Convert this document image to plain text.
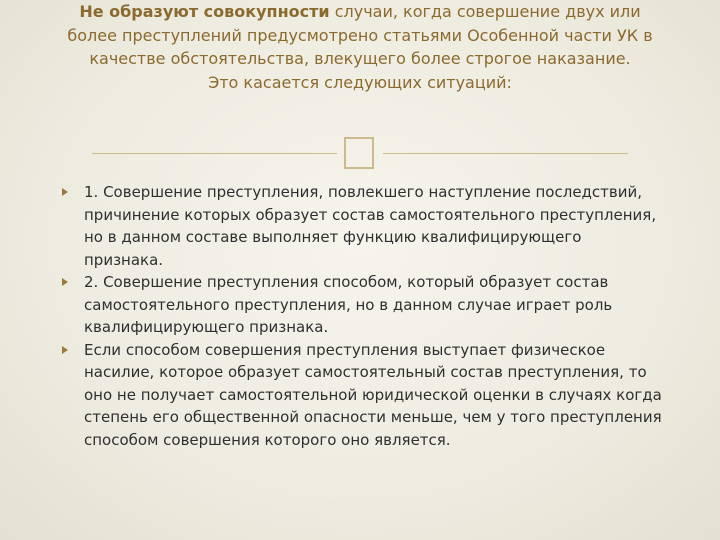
Не образуют совокупности случаи, когда совершение двух или более преступлений предусмотрено статьями Особенной части УК в качестве обстоятельства, влекущего более строгое наказание.
Это касается следующих ситуаций:
1. Совершение преступления, повлекшего наступление последствий, причинение которых образует состав самостоятельного преступления, но в данном составе выполняет функцию квалифицирующего признака.
2. Совершение преступления способом, который образует состав самостоятельного преступления, но в данном случае играет роль квалифицирующего признака.
Если способом совершения преступления выступает физическое насилие, которое образует самостоятельный состав преступления, то оно не получает самостоятельной юридической оценки в случаях когда степень его общественной опасности меньше, чем у того преступления способом совершения которого оно является.
